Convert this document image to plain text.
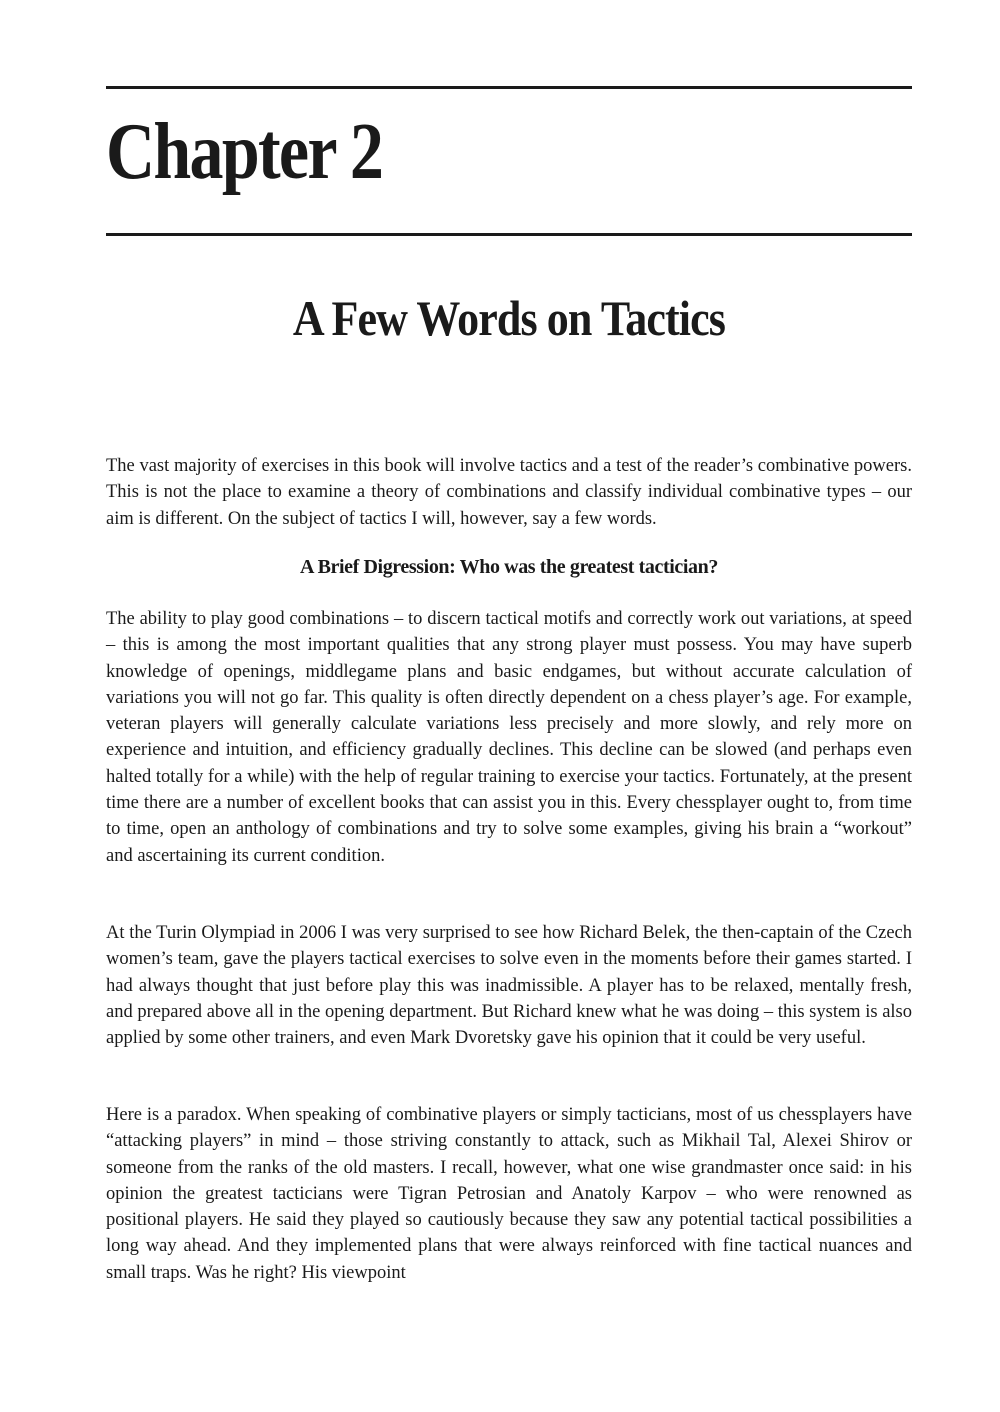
Chapter 2
A Few Words on Tactics

The vast majority of exercises in this book will involve tactics and a test of the reader’s combinative powers. This is not the place to examine a theory of combinations and classify individual combinative types – our aim is different. On the subject of tactics I will, however, say a few words.

A Brief Digression: Who was the greatest tactician?

The ability to play good combinations – to discern tactical motifs and correctly work out variations, at speed – this is among the most important qualities that any strong player must possess. You may have superb knowledge of openings, middlegame plans and basic endgames, but without accurate calculation of variations you will not go far. This quality is often directly dependent on a chess player’s age. For example, veteran players will generally calculate variations less precisely and more slowly, and rely more on experience and intuition, and efficiency gradually declines. This decline can be slowed (and perhaps even halted totally for a while) with the help of regular training to exercise your tactics. Fortunately, at the present time there are a number of excellent books that can assist you in this. Every chessplayer ought to, from time to time, open an anthology of combinations and try to solve some examples, giving his brain a “workout” and ascertaining its current condition.

At the Turin Olympiad in 2006 I was very surprised to see how Richard Belek, the then-captain of the Czech women’s team, gave the players tactical exercises to solve even in the moments before their games started. I had always thought that just before play this was inadmissible. A player has to be relaxed, mentally fresh, and prepared above all in the opening department. But Richard knew what he was doing – this system is also applied by some other trainers, and even Mark Dvoretsky gave his opinion that it could be very useful.

Here is a paradox. When speaking of combinative players or simply tacticians, most of us chessplayers have “attacking players” in mind – those striving constantly to attack, such as Mikhail Tal, Alexei Shirov or someone from the ranks of the old masters. I recall, however, what one wise grandmaster once said: in his opinion the greatest tacticians were Tigran Petrosian and Anatoly Karpov – who were renowned as positional players. He said they played so cautiously because they saw any potential tactical possibilities a long way ahead. And they implemented plans that were always reinforced with fine tactical nuances and small traps. Was he right? His viewpoint
